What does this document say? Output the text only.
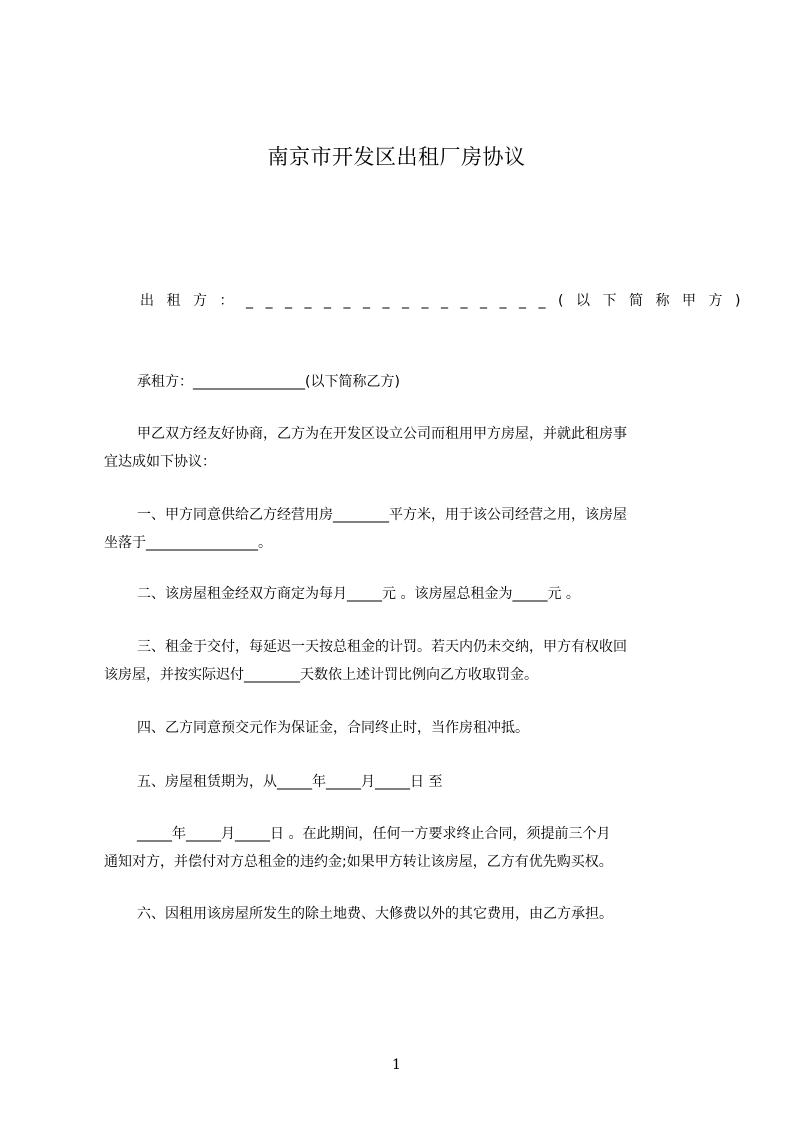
南京市开发区出租厂房协议
出租方：________________(以下简称甲方)
承租方：________________(以下简称乙方)
甲乙双方经友好协商，乙方为在开发区设立公司而租用甲方房屋，并就此租房事
宜达成如下协议：
一、甲方同意供给乙方经营用房________平方米，用于该公司经营之用，该房屋
坐落于________________。
二、该房屋租金经双方商定为每月_____元 。该房屋总租金为_____元 。
三、租金于交付，每延迟一天按总租金的计罚。若天内仍未交纳，甲方有权收回
该房屋，并按实际迟付________天数依上述计罚比例向乙方收取罚金。
四、乙方同意预交元作为保证金，合同终止时，当作房租冲抵。
五、房屋租赁期为，从_____年_____月_____日 至
_____年_____月_____日 。在此期间，任何一方要求终止合同，须提前三个月
通知对方，并偿付对方总租金的违约金;如果甲方转让该房屋，乙方有优先购买权。
六、因租用该房屋所发生的除土地费、大修费以外的其它费用，由乙方承担。
1
